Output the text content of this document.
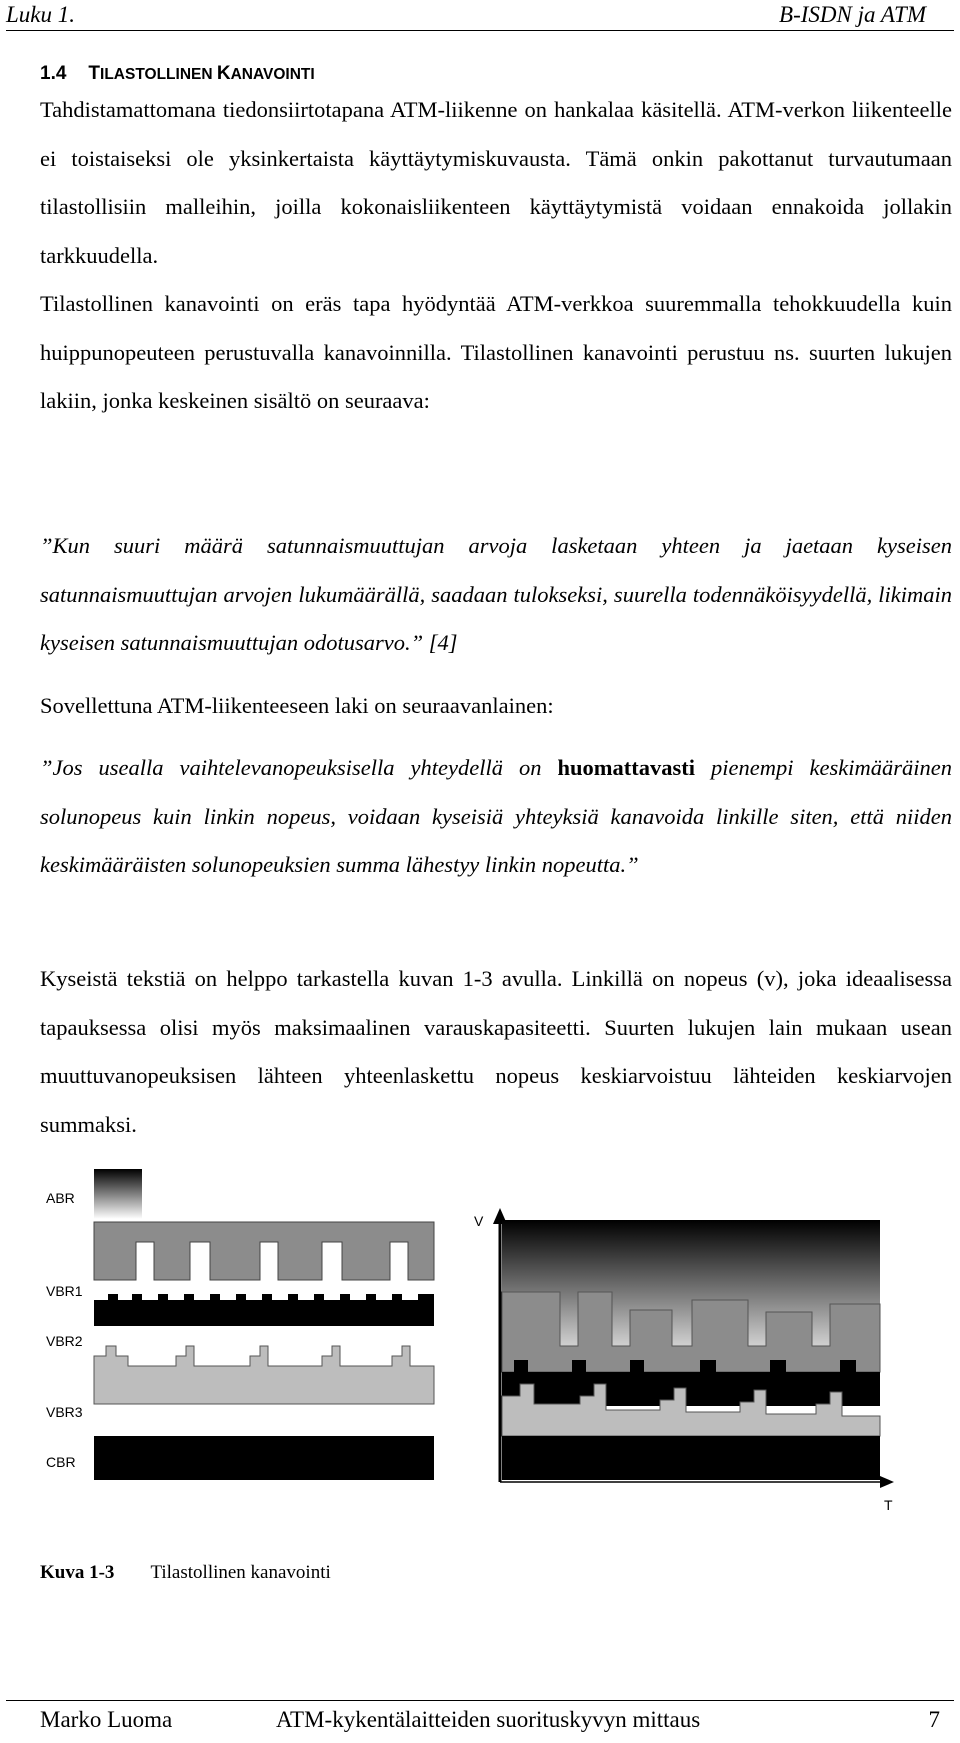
Luku 1.	B-ISDN ja ATM
1.4 TILASTOLLINEN KANAVOINTI

Tahdistamattomana tiedonsiirtotapana ATM-liikenne on hankalaa käsitellä. ATM-verkon liikenteelle ei toistaiseksi ole yksinkertaista käyttäytymiskuvausta. Tämä onkin pakottanut turvautumaan tilastollisiin malleihin, joilla kokonaisliikenteen käyttäytymistä voidaan ennakoida jollakin tarkkuudella.

Tilastollinen kanavointi on eräs tapa hyödyntää ATM-verkkoa suuremmalla tehokkuudella kuin huippunopeuteen perustuvalla kanavoinnilla. Tilastollinen kanavointi perustuu ns. suurten lukujen lakiin, jonka keskeinen sisältö on seuraava:

”Kun suuri määrä satunnaismuuttujan arvoja lasketaan yhteen ja jaetaan kyseisen satunnaismuuttujan arvojen lukumäärällä, saadaan tulokseksi, suurella todennäköisyydellä, likimain kyseisen satunnaismuuttujan odotusarvo.” [4]

Sovellettuna ATM-liikenteeseen laki on seuraavanlainen:

”Jos usealla vaihtelevanopeuksisella yhteydellä on huomattavasti pienempi keskimääräinen solunopeus kuin linkin nopeus, voidaan kyseisiä yhteyksiä kanavoida linkille siten, että niiden keskimääräisten solunopeuksien summa lähestyy linkin nopeutta.”

Kyseistä tekstiä on helppo tarkastella kuvan 1-3 avulla. Linkillä on nopeus (v), joka ideaalisessa tapauksessa olisi myös maksimaalinen varauskapasiteetti. Suurten lukujen lain mukaan usean muuttuvanopeuksisen lähteen yhteenlaskettu nopeus keskiarvoistuu lähteiden keskiarvojen summaksi.

ABR
VBR1
VBR2
VBR3
CBR
V
T
Kuva 1-3 Tilastollinen kanavointi
Marko Luoma	ATM-kykentälaitteiden suorituskyvyn mittaus	7
